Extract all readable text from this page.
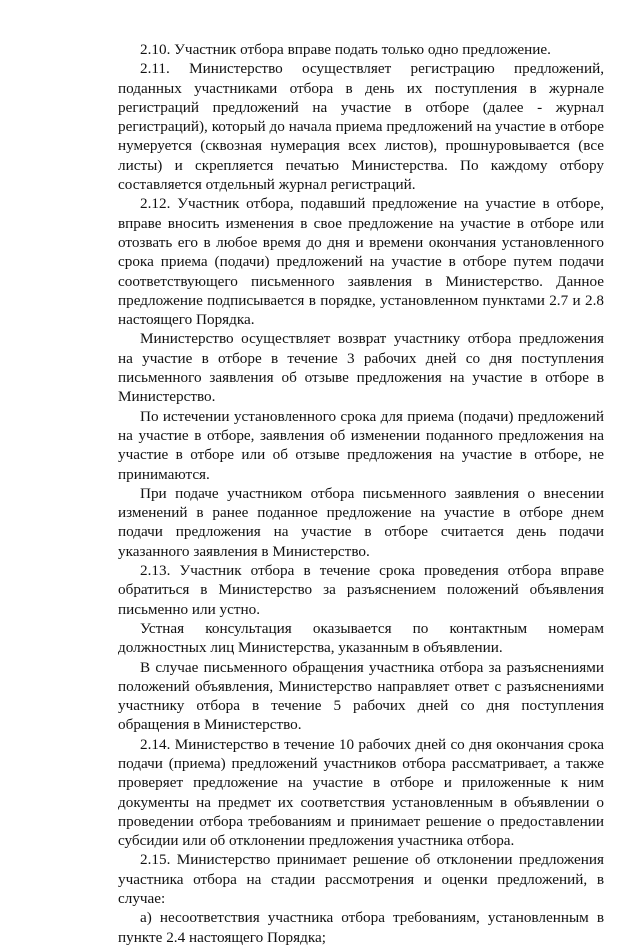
2.10. Участник отбора вправе подать только одно предложение.

2.11. Министерство осуществляет регистрацию предложений, поданных участниками отбора в день их поступления в журнале регистраций предложений на участие в отборе (далее - журнал регистраций), который до начала приема предложений на участие в отборе нумеруется (сквозная нумерация всех листов), прошнуровывается (все листы) и скрепляется печатью Министерства. По каждому отбору составляется отдельный журнал регистраций.

2.12. Участник отбора, подавший предложение на участие в отборе, вправе вносить изменения в свое предложение на участие в отборе или отозвать его в любое время до дня и времени окончания установленного срока приема (подачи) предложений на участие в отборе путем подачи соответствующего письменного заявления в Министерство. Данное предложение подписывается в порядке, установленном пунктами 2.7 и 2.8 настоящего Порядка.

Министерство осуществляет возврат участнику отбора предложения на участие в отборе в течение 3 рабочих дней со дня поступления письменного заявления об отзыве предложения на участие в отборе в Министерство.

По истечении установленного срока для приема (подачи) предложений на участие в отборе, заявления об изменении поданного предложения на участие в отборе или об отзыве предложения на участие в отборе, не принимаются.

При подаче участником отбора письменного заявления о внесении изменений в ранее поданное предложение на участие в отборе днем подачи предложения на участие в отборе считается день подачи указанного заявления в Министерство.

2.13. Участник отбора в течение срока проведения отбора вправе обратиться в Министерство за разъяснением положений объявления письменно или устно.

Устная консультация оказывается по контактным номерам должностных лиц Министерства, указанным в объявлении.

В случае письменного обращения участника отбора за разъяснениями положений объявления, Министерство направляет ответ с разъяснениями участнику отбора в течение 5 рабочих дней со дня поступления обращения в Министерство.

2.14. Министерство в течение 10 рабочих дней со дня окончания срока подачи (приема) предложений участников отбора рассматривает, а также проверяет предложение на участие в отборе и приложенные к ним документы на предмет их соответствия установленным в объявлении о проведении отбора требованиям и принимает решение о предоставлении субсидии или об отклонении предложения участника отбора.

2.15. Министерство принимает решение об отклонении предложения участника отбора на стадии рассмотрения и оценки предложений, в случае:

а) несоответствия участника отбора требованиям, установленным в пункте 2.4 настоящего Порядка;
